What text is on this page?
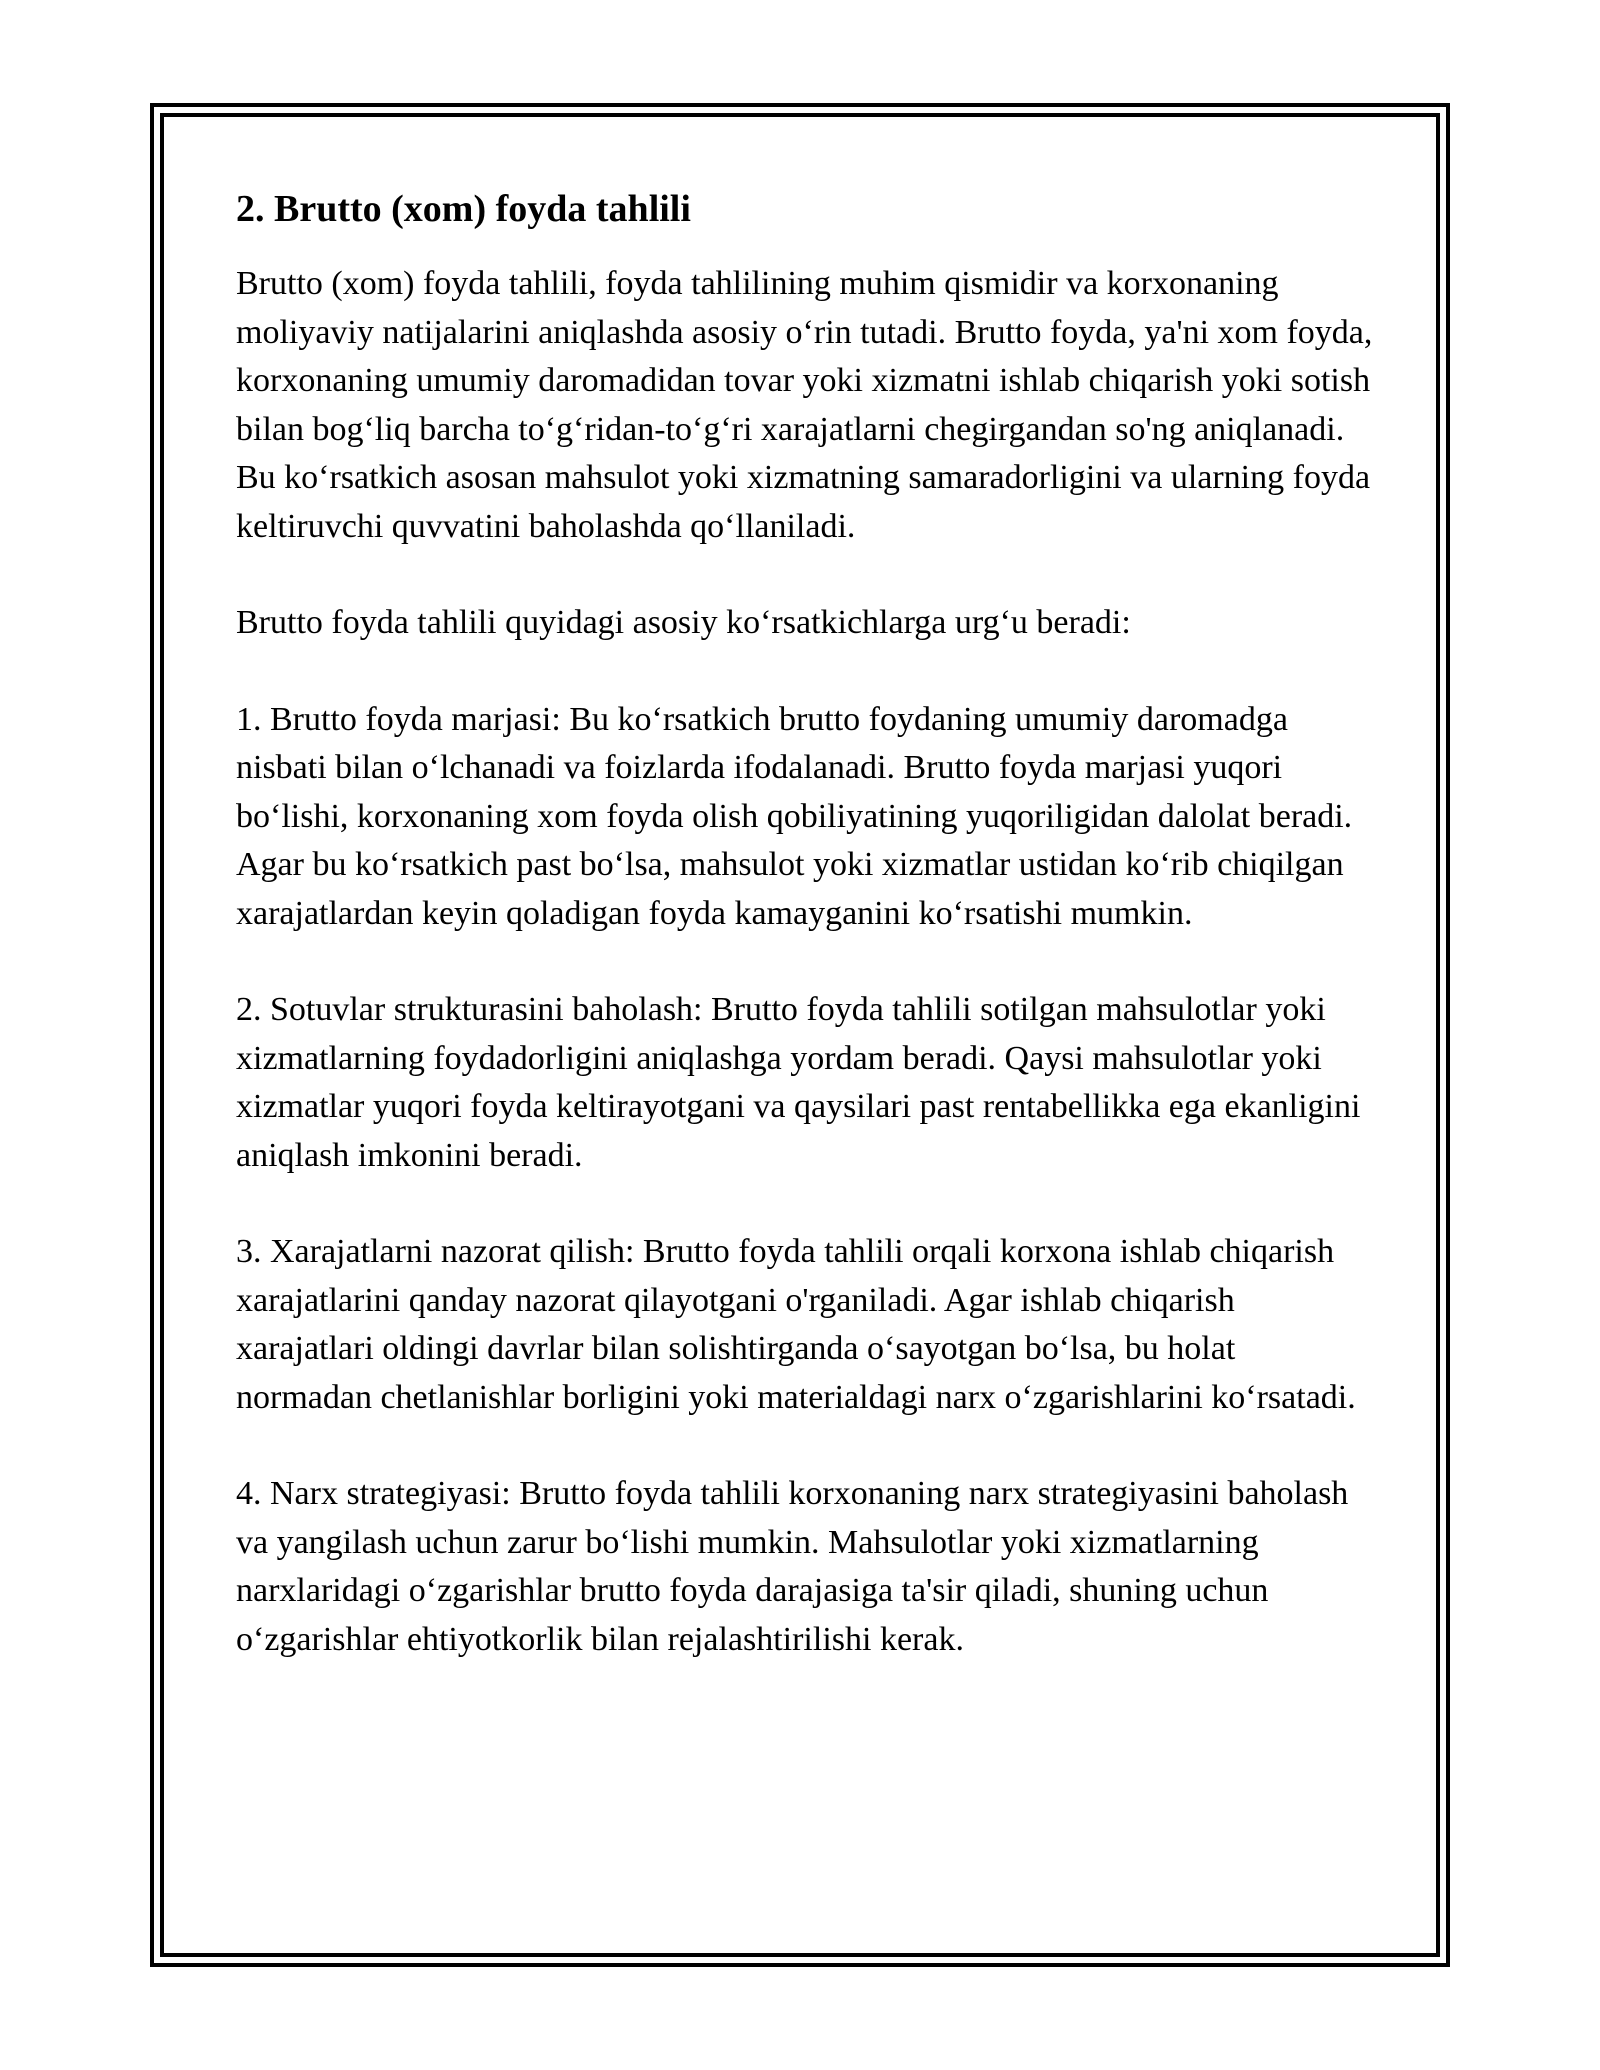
2. Brutto (xom) foyda tahlili

Brutto (xom) foyda tahlili, foyda tahlilining muhim qismidir va korxonaning moliyaviy natijalarini aniqlashda asosiy o‘rin tutadi. Brutto foyda, ya'ni xom foyda, korxonaning umumiy daromadidan tovar yoki xizmatni ishlab chiqarish yoki sotish bilan bog‘liq barcha to‘g‘ridan-to‘g‘ri xarajatlarni chegirgandan so'ng aniqlanadi. Bu ko‘rsatkich asosan mahsulot yoki xizmatning samaradorligini va ularning foyda keltiruvchi quvvatini baholashda qo‘llaniladi.

Brutto foyda tahlili quyidagi asosiy ko‘rsatkichlarga urg‘u beradi:

1. Brutto foyda marjasi: Bu ko‘rsatkich brutto foydaning umumiy daromadga nisbati bilan o‘lchanadi va foizlarda ifodalanadi. Brutto foyda marjasi yuqori bo‘lishi, korxonaning xom foyda olish qobiliyatining yuqoriligidan dalolat beradi. Agar bu ko‘rsatkich past bo‘lsa, mahsulot yoki xizmatlar ustidan ko‘rib chiqilgan xarajatlardan keyin qoladigan foyda kamayganini ko‘rsatishi mumkin.

2. Sotuvlar strukturasini baholash: Brutto foyda tahlili sotilgan mahsulotlar yoki xizmatlarning foydadorligini aniqlashga yordam beradi. Qaysi mahsulotlar yoki xizmatlar yuqori foyda keltirayotgani va qaysilari past rentabellikka ega ekanligini aniqlash imkonini beradi.

3. Xarajatlarni nazorat qilish: Brutto foyda tahlili orqali korxona ishlab chiqarish xarajatlarini qanday nazorat qilayotgani o'rganiladi. Agar ishlab chiqarish xarajatlari oldingi davrlar bilan solishtirganda o‘sayotgan bo‘lsa, bu holat normadan chetlanishlar borligini yoki materialdagi narx o‘zgarishlarini ko‘rsatadi.

4. Narx strategiyasi: Brutto foyda tahlili korxonaning narx strategiyasini baholash va yangilash uchun zarur bo‘lishi mumkin. Mahsulotlar yoki xizmatlarning narxlaridagi o‘zgarishlar brutto foyda darajasiga ta'sir qiladi, shuning uchun o‘zgarishlar ehtiyotkorlik bilan rejalashtirilishi kerak.
